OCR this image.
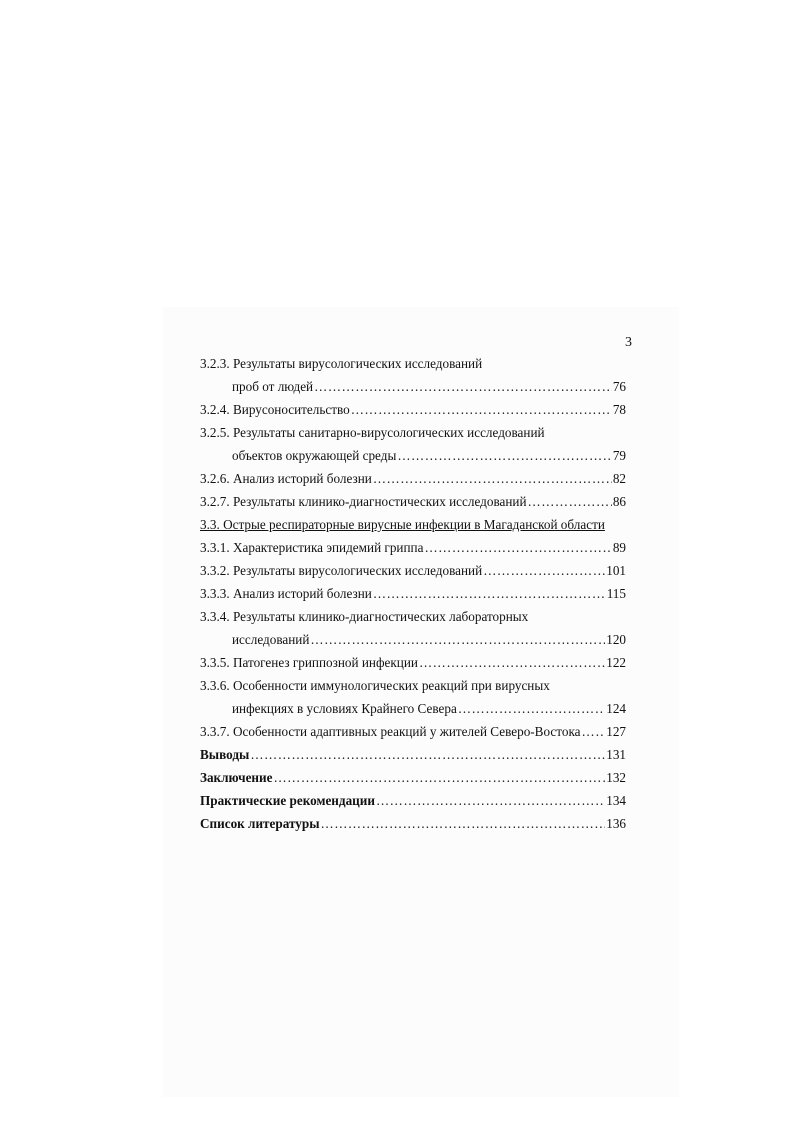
3
3.2.3. Результаты вирусологических исследований
проб от людей ……………………………………………………………………………………………………………………………………………………	76
3.2.4. Вирусоносительство ……………………………………………………………………………………………………………………………………………………	78
3.2.5. Результаты санитарно-вирусологических исследований
объектов окружающей среды ……………………………………………………………………………………………………………………………………………………	79
3.2.6. Анализ историй болезни ……………………………………………………………………………………………………………………………………………………	82
3.2.7. Результаты клинико-диагностических исследований ……………………………………………………………………………………………………………………………………………………	86
3.3. Острые респираторные вирусные инфекции в Магаданской области
3.3.1. Характеристика эпидемий гриппа ……………………………………………………………………………………………………………………………………………………	89
3.3.2. Результаты вирусологических исследований ……………………………………………………………………………………………………………………………………………………	101
3.3.3. Анализ историй болезни ……………………………………………………………………………………………………………………………………………………	115
3.3.4. Результаты клинико-диагностических лабораторных
исследований ……………………………………………………………………………………………………………………………………………………	120
3.3.5. Патогенез гриппозной инфекции ……………………………………………………………………………………………………………………………………………………	122
3.3.6. Особенности иммунологических реакций при вирусных
инфекциях в условиях Крайнего Севера ……………………………………………………………………………………………………………………………………………………	124
3.3.7. Особенности адаптивных реакций у жителей Северо-Востока …………………………………………………………………………………………………………………………………………………… 127
Выводы ……………………………………………………………………………………………………………………………………………………	131
Заключение ……………………………………………………………………………………………………………………………………………………	132
Практические рекомендации ……………………………………………………………………………………………………………………………………………………	134
Список литературы ……………………………………………………………………………………………………………………………………………………	136
